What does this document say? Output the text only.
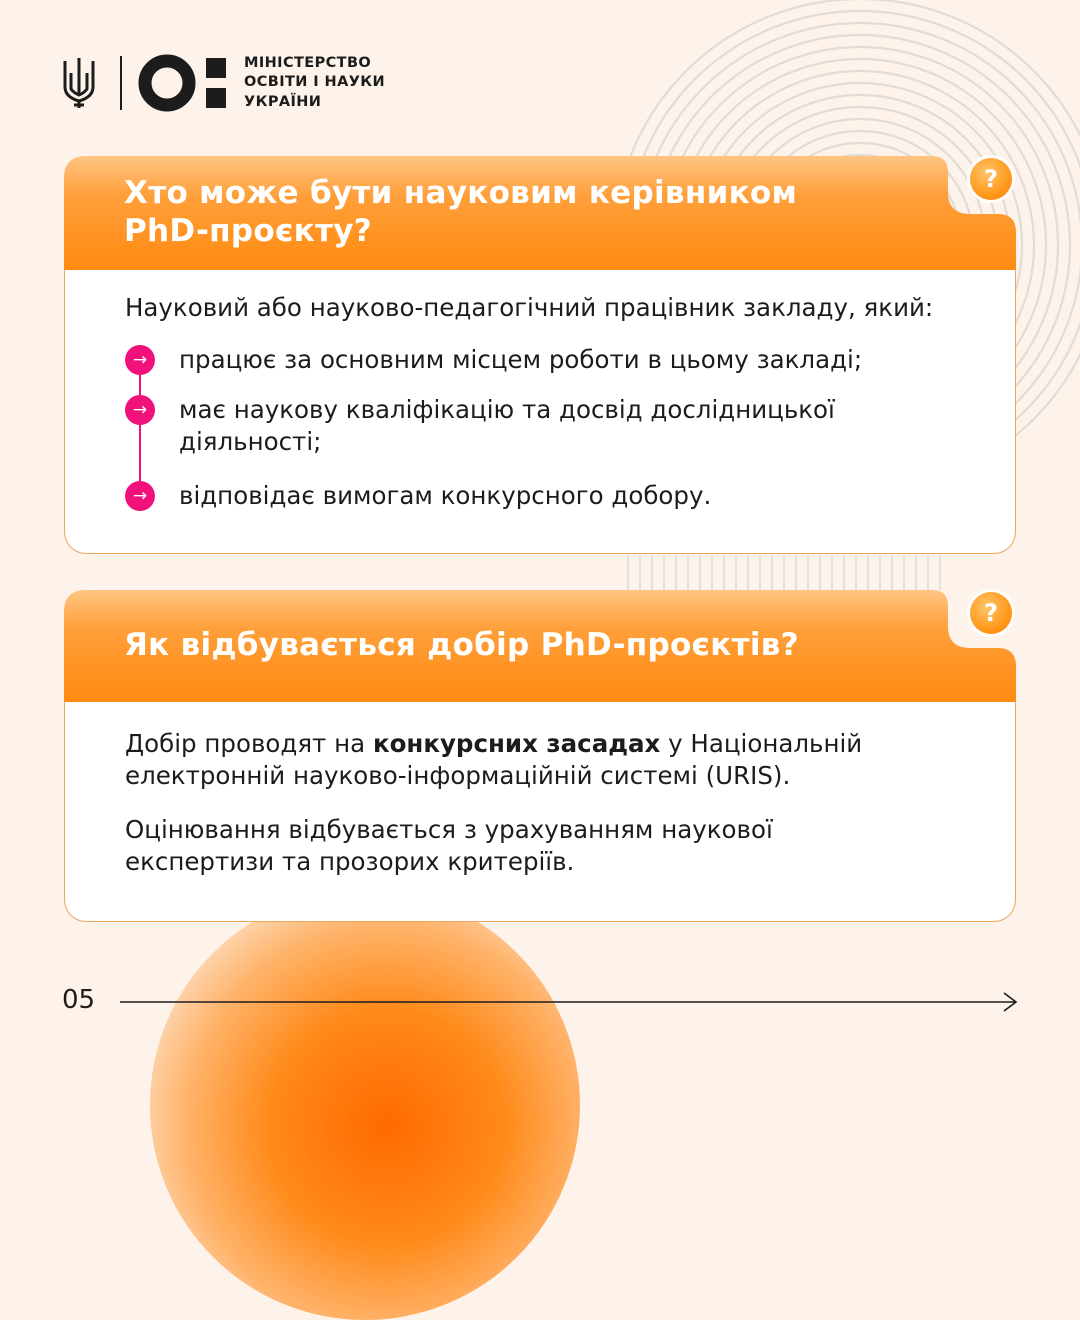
МІНІСТЕРСТВО
ОСВІТИ І НАУКИ
УКРАЇНИ
Хто може бути науковим керівником
PhD-проєкту?
?
Науковий або науково-педагогічний працівник закладу, який:
→	працює за основним місцем роботи в цьому закладі;
→	має наукову кваліфікацію та досвід дослідницької
діяльності;
→	відповідає вимогам конкурсного добору.
Як відбувається добір PhD-проєктів?
?
Добір проводят на конкурсних засадах у Національній
електронній науково-інформаційній системі (URIS).
Оцінювання відбувається з урахуванням наукової
експертизи та прозорих критеріїв.
05
